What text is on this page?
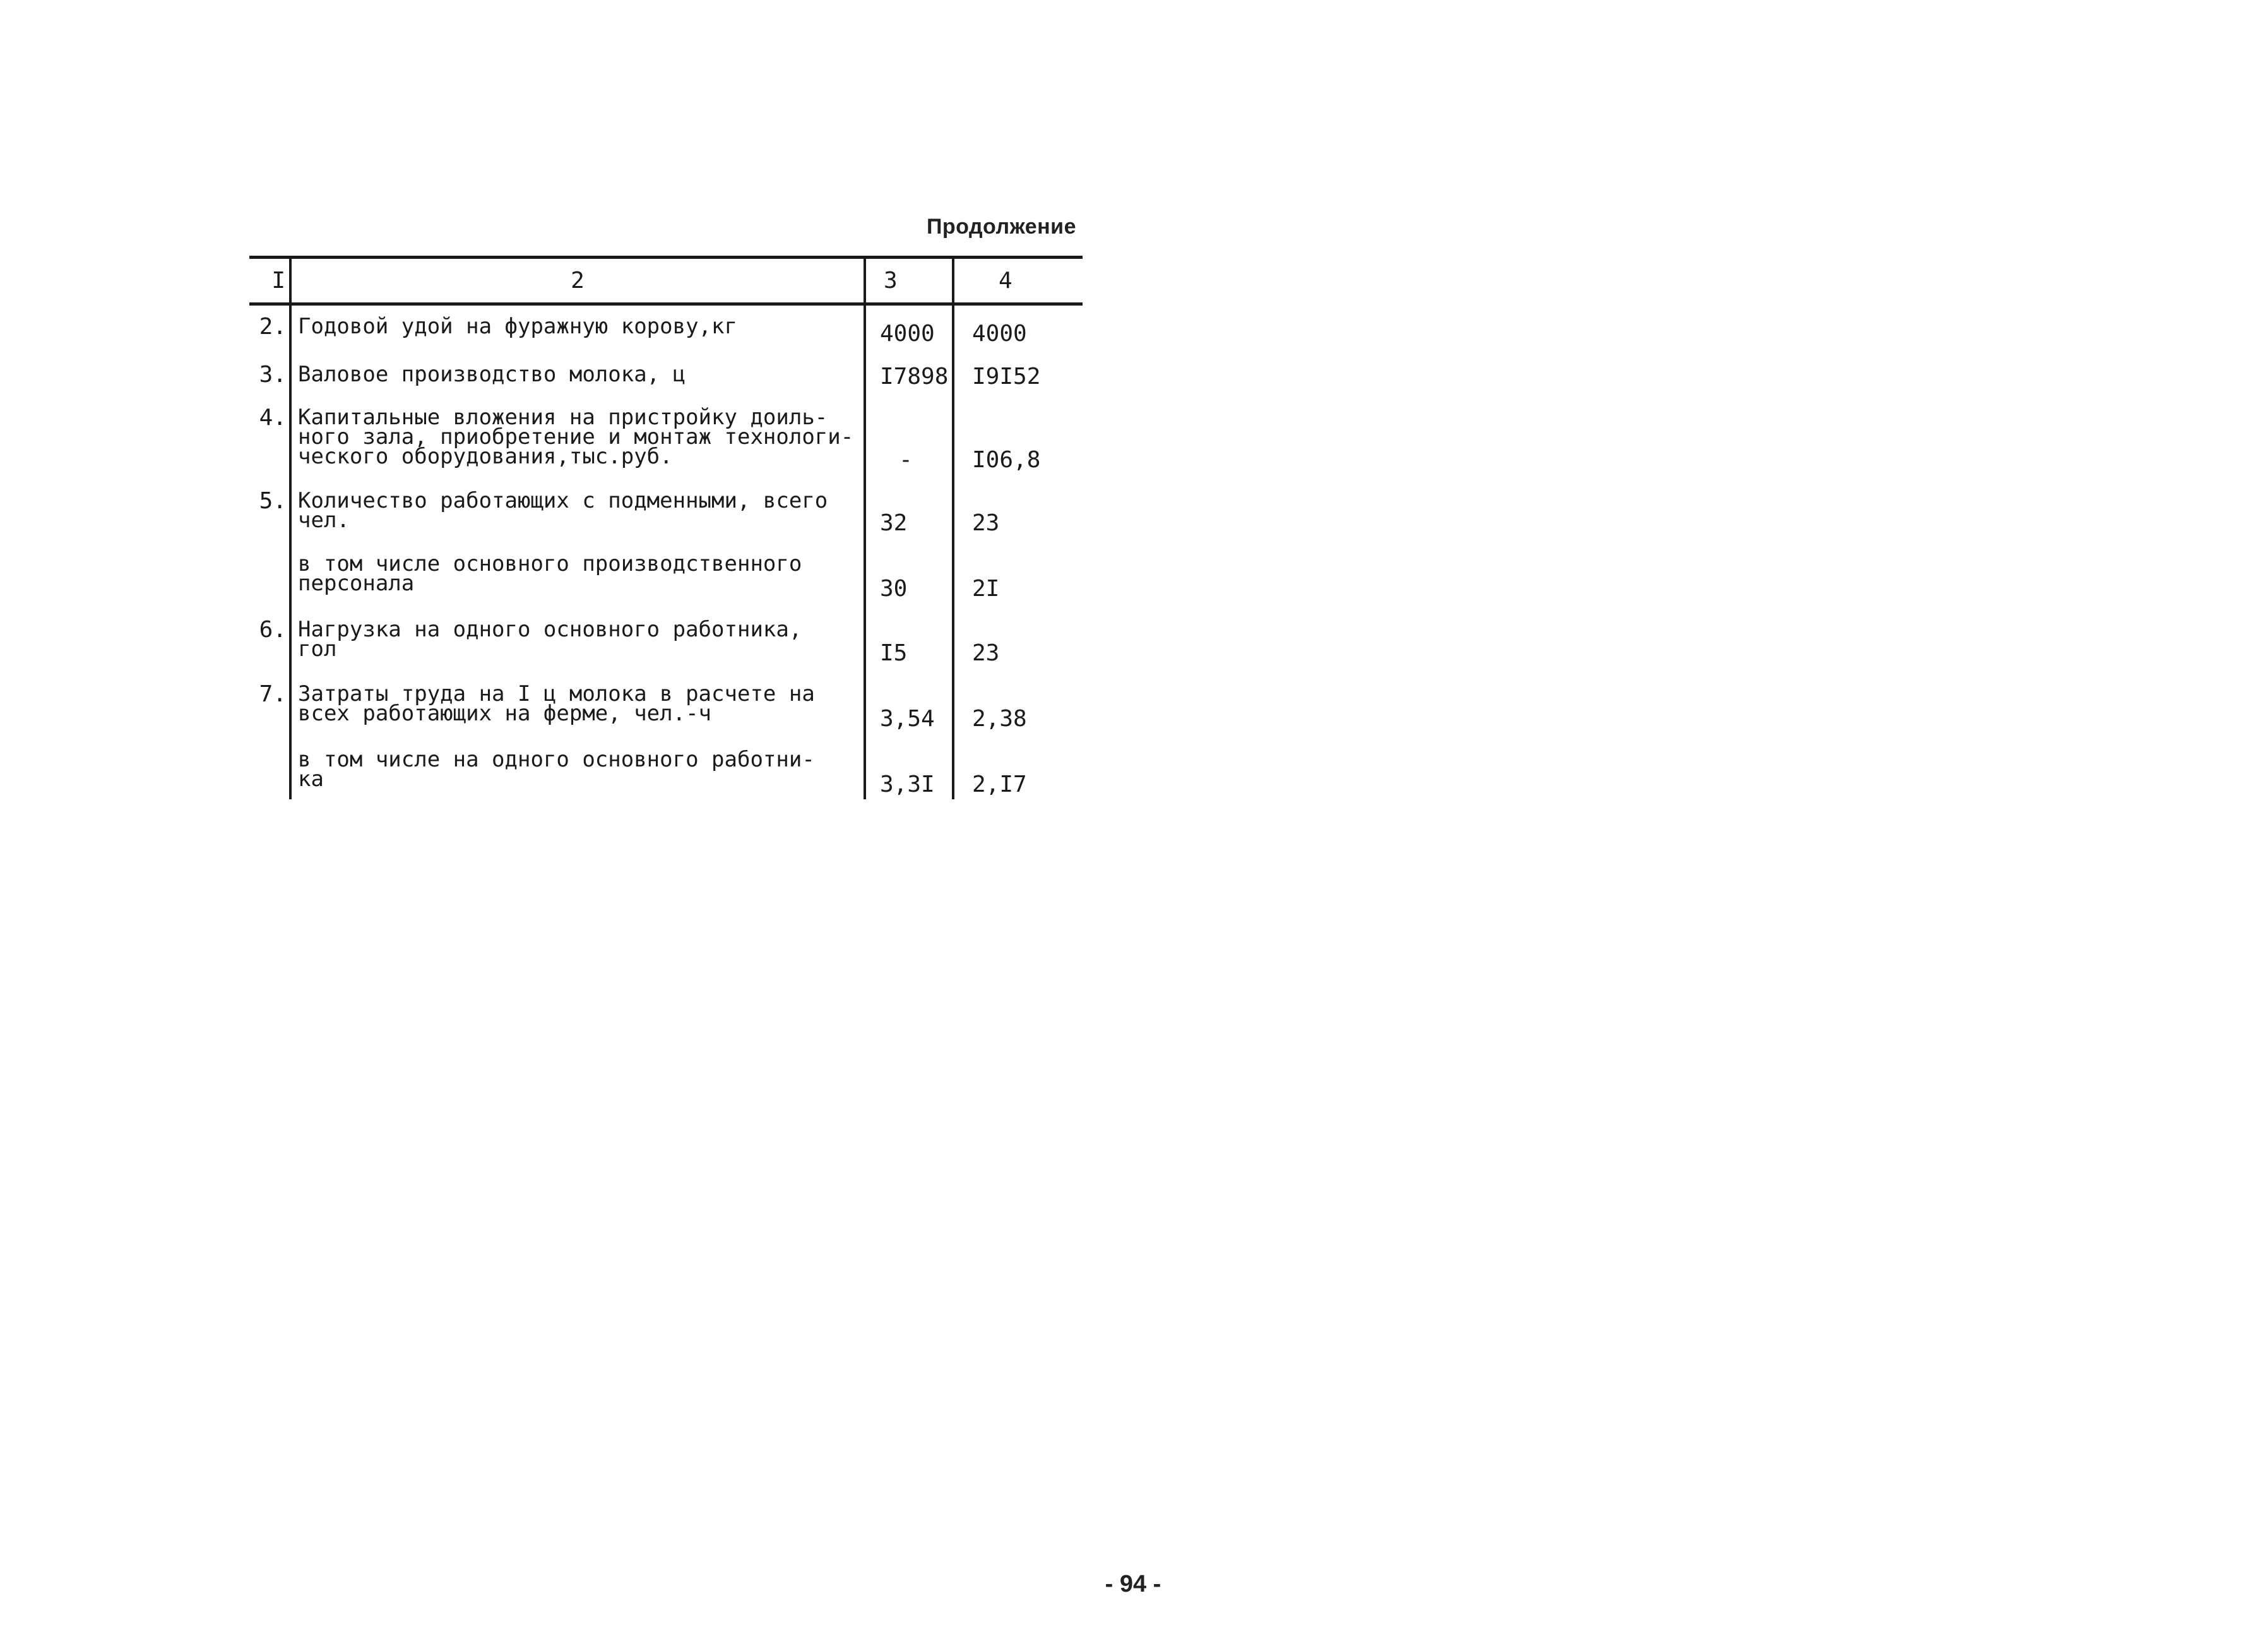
Продолжение
I	2	3	4
2.	Годовой удой на фуражную корову,кг	4000	4000
3.	Валовое производство молока, ц	I7898	I9I52
4.	Капитальные вложения на пристройку доиль-
ного зала, приобретение и монтаж технологи-
ческого оборудования,тыс.руб.	-	I06,8
5.	Количество работающих с подменными, всего
чел.	32	23
	в том числе основного производственного
персонала	30	2I
6.	Нагрузка на одного основного работника,
гол	I5	23
7.	Затраты труда на I ц молока в расчете на
всех работающих на ферме, чел.-ч	3,54	2,38
	в том числе на одного основного работни-
ка	3,3I	2,I7
- 94 -
